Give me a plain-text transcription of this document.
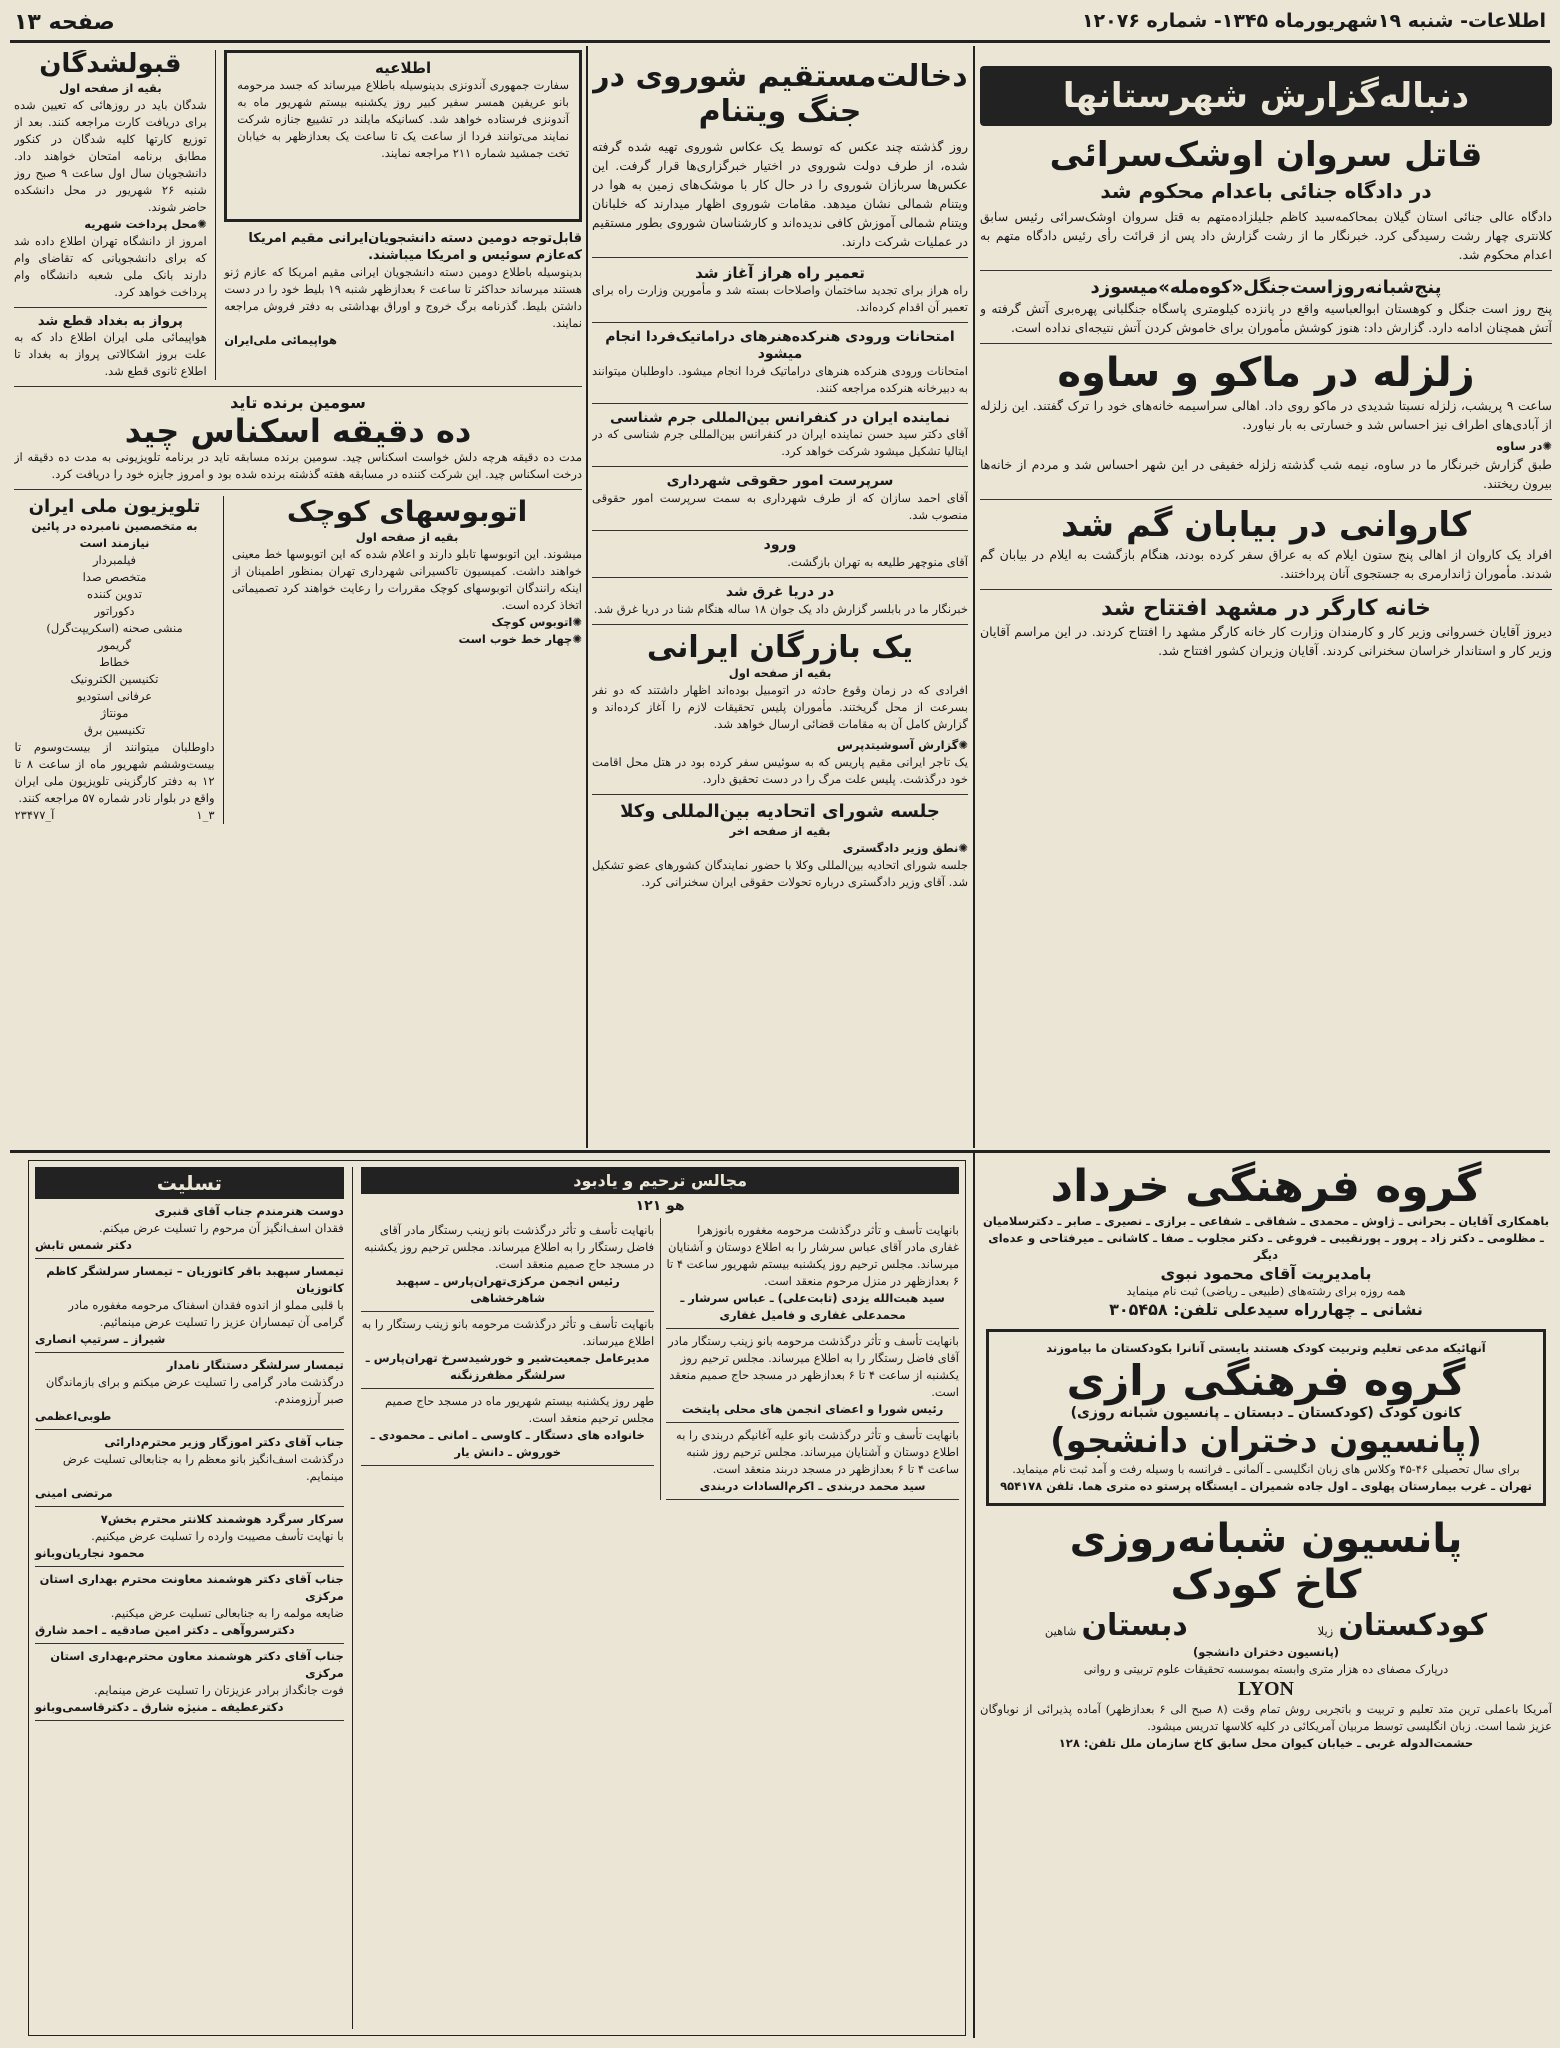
اطلاعات- شنبه ۱۹شهریورماه ۱۳۴۵- شماره ۱۲۰۷۶
صفحه ۱۳
دنباله‌گزارش شهرستانها
قاتل سروان اوشک‌سرائی
در دادگاه جنائی باعدام محکوم شد
دادگاه عالی جنائی استان گیلان بمحاکمه‌سید کاظم جلیلزاده‌متهم به قتل سروان اوشک‌سرائی رئیس سابق کلانتری چهار رشت رسیدگی کرد. خبرنگار ما از رشت گزارش داد پس از قرائت رأی رئیس دادگاه متهم به اعدام محکوم شد.
پنج‌شبانه‌روزاست‌جنگل«کوه‌مله»میسوزد
پنج روز است جنگل و کوهستان ابوالعباسیه واقع در پانزده کیلومتری پاسگاه جنگلبانی پهره‌بری آتش گرفته و آتش همچنان ادامه دارد. گزارش داد: هنوز کوشش مأموران برای خاموش کردن آتش نتیجه‌ای نداده است.
زلزله در ماکو و ساوه
ساعت ۹ پریشب، زلزله نسبتا شدیدی در ماکو روی داد. اهالی سراسیمه خانه‌های خود را ترک گفتند. این زلزله از آبادی‌های اطراف نیز احساس شد و خسارتی به بار نیاورد.
✺ در ساوه
طبق گزارش خبرنگار ما در ساوه، نیمه شب گذشته زلزله خفیفی در این شهر احساس شد و مردم از خانه‌ها بیرون ریختند.
کاروانی در بیابان گم شد
افراد یک کاروان از اهالی پنج ستون ایلام که به عراق سفر کرده بودند، هنگام بازگشت به ایلام در بیابان گم شدند. مأموران ژاندارمری به جستجوی آنان پرداختند.
خانه کارگر در مشهد افتتاح شد
دیروز آقایان خسروانی وزیر کار و کارمندان وزارت کار خانه کارگر مشهد را افتتاح کردند. در این مراسم آقایان وزیر کار و استاندار خراسان سخنرانی کردند. آقایان وزیران کشور افتتاح شد.
دخالت‌مستقیم شوروی در جنگ ویتنام
روز گذشته چند عکس که توسط یک عکاس شوروی تهیه شده گرفته شده، از طرف دولت شوروی در اختیار خبرگزاری‌ها قرار گرفت. این عکس‌ها سربازان شوروی را در حال کار با موشک‌های زمین به هوا در ویتنام شمالی نشان میدهد. مقامات شوروی اظهار میدارند که خلبانان ویتنام شمالی آموزش کافی ندیده‌اند و کارشناسان شوروی بطور مستقیم در عملیات شرکت دارند.
تعمیر راه هراز آغاز شد
راه هراز برای تجدید ساختمان واصلاحات بسته شد و مأمورین وزارت راه برای تعمیر آن اقدام کرده‌اند.
امتحانات ورودی هنرکده‌هنرهای دراماتیک‌فردا انجام میشود
امتحانات ورودی هنرکده هنرهای دراماتیک فردا انجام میشود. داوطلبان میتوانند به دبیرخانه هنرکده مراجعه کنند.
نماینده ایران در کنفرانس بین‌المللی جرم شناسی
آقای دکتر سید حسن نماینده ایران در کنفرانس بین‌المللی جرم شناسی که در ایتالیا تشکیل میشود شرکت خواهد کرد.
سرپرست امور حقوقی شهرداری
آقای احمد سازان که از طرف شهرداری به سمت سرپرست امور حقوقی منصوب شد.
ورود
آقای منوچهر طلیعه به تهران بازگشت.
در دریا غرق شد
خبرنگار ما در بابلسر گزارش داد یک جوان ۱۸ ساله هنگام شنا در دریا غرق شد.
یک بازرگان ایرانی
بقیه از صفحه اول
افرادی که در زمان وقوع حادثه در اتومبیل بوده‌اند اظهار داشتند که دو نفر بسرعت از محل گریختند. مأموران پلیس تحقیقات لازم را آغاز کرده‌اند و گزارش کامل آن به مقامات قضائی ارسال خواهد شد.
✺ گزارش آسوشیتدپرس
یک تاجر ایرانی مقیم پاریس که به سوئیس سفر کرده بود در هتل محل اقامت خود درگذشت. پلیس علت مرگ را در دست تحقیق دارد.
جلسه شورای اتحادیه بین‌المللی وکلا
بقیه از صفحه اخر
✺ نطق وزیر دادگستری
جلسه شورای اتحادیه بین‌المللی وکلا با حضور نمایندگان کشورهای عضو تشکیل شد. آقای وزیر دادگستری درباره تحولات حقوقی ایران سخنرانی کرد.
اطلاعیه
سفارت جمهوری آندونزی بدینوسیله باطلاع میرساند که جسد مرحومه بانو عریفین همسر سفیر کبیر روز یکشنبه بیستم شهریور ماه به آندونزی فرستاده خواهد شد. کسانیکه مایلند در تشییع جنازه شرکت نمایند می‌توانند فردا از ساعت یک تا ساعت یک بعدازظهر به خیابان تخت جمشید شماره ۲۱۱ مراجعه نمایند.
قابل‌توجه دومین دسته دانشجویان‌ایرانی مقیم امریکا که‌عازم سوئیس و امریکا میباشند.
بدینوسیله باطلاع دومین دسته دانشجویان ایرانی مقیم امریکا که عازم ژنو هستند میرساند حداکثر تا ساعت ۶ بعدازظهر شنبه ۱۹ بلیط خود را در دست داشتن بلیط. گذرنامه برگ خروج و اوراق بهداشتی به دفتر فروش مراجعه نمایند.
هواپیمائی ملی‌ایران
قبولشدگان
بقیه از صفحه اول
شدگان باید در روزهائی که تعیین شده برای دریافت کارت مراجعه کنند. بعد از توزیع کارتها کلیه شدگان در کنکور مطابق برنامه امتحان خواهند داد. دانشجویان سال اول ساعت ۹ صبح روز شنبه ۲۶ شهریور در محل دانشکده حاضر شوند.
✺ محل پرداخت شهریه
امروز از دانشگاه تهران اطلاع داده شد که برای دانشجویانی که تقاضای وام دارند بانک ملی شعبه دانشگاه وام پرداخت خواهد کرد.
پرواز به بغداد قطع شد
هواپیمائی ملی ایران اطلاع داد که به علت بروز اشکالاتی پرواز به بغداد تا اطلاع ثانوی قطع شد.
سومین برنده تاید
ده دقیقه اسکناس چید
مدت ده دقیقه هرچه دلش خواست اسکناس چید. سومین برنده مسابقه تاید در برنامه تلویزیونی به مدت ده دقیقه از درخت اسکناس چید. این شرکت کننده در مسابقه هفته گذشته برنده شده بود و امروز جایزه خود را دریافت کرد.
اتوبوسهای کوچک
بقیه از صفحه اول
میشوند. این اتوبوسها تابلو دارند و اعلام شده که این اتوبوسها خط معینی خواهند داشت. کمیسیون تاکسیرانی شهرداری تهران بمنظور اطمینان از اینکه رانندگان اتوبوسهای کوچک مقررات را رعایت خواهند کرد تصمیماتی اتخاذ کرده است.
✺ اتوبوس کوچک
✺ چهار خط خوب است
تلویزیون ملی ایران
به متخصصین نامبرده در پائین نیازمند است
فیلمبردار
متخصص صدا
تدوین کننده
دکوراتور
منشی صحنه (اسکریپت‌گرل)
گریمور
خطاط
تکنیسین الکترونیک
عرفانی استودیو
مونتاژ
تکنیسین برق
داوطلبان میتوانند از بیست‌و‌سوم تا بیست‌و‌ششم شهریور ماه از ساعت ۸ تا ۱۲ به دفتر کارگزینی تلویزیون ملی ایران واقع در بلوار نادر شماره ۵۷ مراجعه کنند.
۳_۱
آ_۲۳۴۷۷
گروه فرهنگی خرداد
باهمکاری آقایان ـ بحرانی ـ ژاوش ـ محمدی ـ شفاقی ـ شفاعی ـ برازی ـ نصیری ـ صابر ـ دکترسلامیان ـ مظلومی ـ دکتر زاد ـ پرور ـ پورنقیبی ـ فروغی ـ دکتر مجلوب ـ صفا ـ کاشانی ـ میرفتاحی و عده‌ای دیگر
بامدیریت آقای محمود نبوی
همه روزه برای رشته‌های (طبیعی ـ ریاضی) ثبت نام مینماید
نشانی ـ چهارراه سیدعلی تلفن: ۳۰۵۴۵۸
آنهائیکه مدعی تعلیم وتربیت کودک هستند بایستی آنانرا بکودکستان ما بیاموزند
گروه فرهنگی رازی
کانون کودک (کودکستان ـ دبستان ـ پانسیون شبانه روزی)
(پانسیون دختران دانشجو)
برای سال تحصیلی ۴۶-۴۵ وکلاس های زبان انگلیسی ـ آلمانی ـ فرانسه با وسیله رفت و آمد ثبت نام مینماید.
تهران ـ غرب بیمارستان پهلوی ـ اول جاده شمیران ـ ایستگاه پرستو ده متری هما. تلفن ۹۵۴۱۷۸
پانسیون شبانه‌روزی
کاخ کودک
کودکستان زیلا
دبستان شاهین
(پانسیون دختران دانشجو)
درپارک مصفای ده هزار متری وابسته بموسسه تحقیقات علوم تربیتی و روانی
LYON
آمریکا باعملی ترین متد تعلیم و تربیت و باتجربی روش تمام وقت (۸ صبح الی ۶ بعدازظهر) آماده پذیرائی از نوباوگان عزیز شما است. زبان انگلیسی توسط مربیان آمریکائی در کلیه کلاسها تدریس میشود.
حشمت‌الدوله غربی ـ خیابان کیوان محل سابق کاخ سازمان ملل تلفن: ۱۲۸
مجالس ترحیم و یادبود
هو ۱۲۱
بانهایت تأسف و تأثر درگذشت مرحومه مغفوره بانوزهرا غفاری مادر آقای عباس سرشار را به اطلاع دوستان و آشنایان میرساند. مجلس ترحیم روز یکشنبه بیستم شهریور ساعت ۴ تا ۶ بعدازظهر در منزل مرحوم منعقد است.
سید هبت‌الله یزدی (تابت‌علی) ـ عباس سرشار ـ محمدعلی غفاری و فامیل غفاری
بانهایت تأسف و تأثر درگذشت مرحومه بانو زینب رستگار مادر آقای فاضل رستگار را به اطلاع میرساند. مجلس ترحیم روز یکشنبه از ساعت ۴ تا ۶ بعدازظهر در مسجد حاج صمیم منعقد است.
رئیس شورا و اعضای انجمن های محلی پایتخت
بانهایت تأسف و تأثر درگذشت بانو علیه آغانیگم دربندی را به اطلاع دوستان و آشنایان میرساند. مجلس ترحیم روز شنبه ساعت ۴ تا ۶ بعدازظهر در مسجد دربند منعقد است.
سید محمد دربندی ـ اکرم‌السادات دربندی
بانهایت تأسف و تأثر درگذشت بانو زینب رستگار مادر آقای فاضل رستگار را به اطلاع میرساند. مجلس ترحیم روز یکشنبه در مسجد حاج صمیم منعقد است.
رئیس انجمن مرکزی‌تهران‌پارس ـ سپهبد شاهرخشاهی
بانهایت تأسف و تأثر درگذشت مرحومه بانو زینب رستگار را به اطلاع میرساند.
مدیرعامل جمعیت‌شیر و خورشیدسرخ تهران‌پارس ـ سرلشگر مظفرزنگنه
طهر روز یکشنبه بیستم شهریور ماه در مسجد حاج صمیم مجلس ترحیم منعقد است.
خانواده های دستگار ـ کاوسی ـ امانی ـ محمودی ـ خوروش ـ دانش یار
تسلیت
دوست هنرمندم جناب آقای قنبری
فقدان اسف‌انگیز آن مرحوم را تسلیت عرض میکنم.
دکتر شمس تابش
تیمسار سپهبد باقر کاتوزیان – تیمسار سرلشگر کاظم کاتوزیان
با قلبی مملو از اندوه فقدان اسفناک مرحومه مغفوره مادر گرامی آن تیمساران عزیز را تسلیت عرض مینمائیم.
شیراز ـ سرتیپ انصاری
تیمسار سرلشگر دستنگار نامدار
درگذشت مادر گرامی را تسلیت عرض میکنم و برای بازماندگان صبر آرزومندم.
طوبی‌اعظمی
جناب آقای دکتر اموزگار وزیر محترم‌دارائی
درگذشت اسف‌انگیز بانو معظم را به جنابعالی تسلیت عرض مینمایم.
مرتضی امینی
سرکار سرگرد هوشمند کلانتر محترم بخش۷
با نهایت تأسف مصیبت وارده را تسلیت عرض میکنیم.
محمود نجاریان‌وبانو
جناب آقای دکتر هوشمند معاونت محترم بهداری استان مرکزی
ضایعه مولمه را به جنابعالی تسلیت عرض میکنیم.
دکترسروآهی ـ دکتر امین صادقیه ـ احمد شارق
جناب آقای دکتر هوشمند معاون محترم‌بهداری استان مرکزی
فوت جانگداز برادر عزیزتان را تسلیت عرض مینمایم.
دکترعطیفه ـ منیژه شارق ـ دکترقاسمی‌وبانو
